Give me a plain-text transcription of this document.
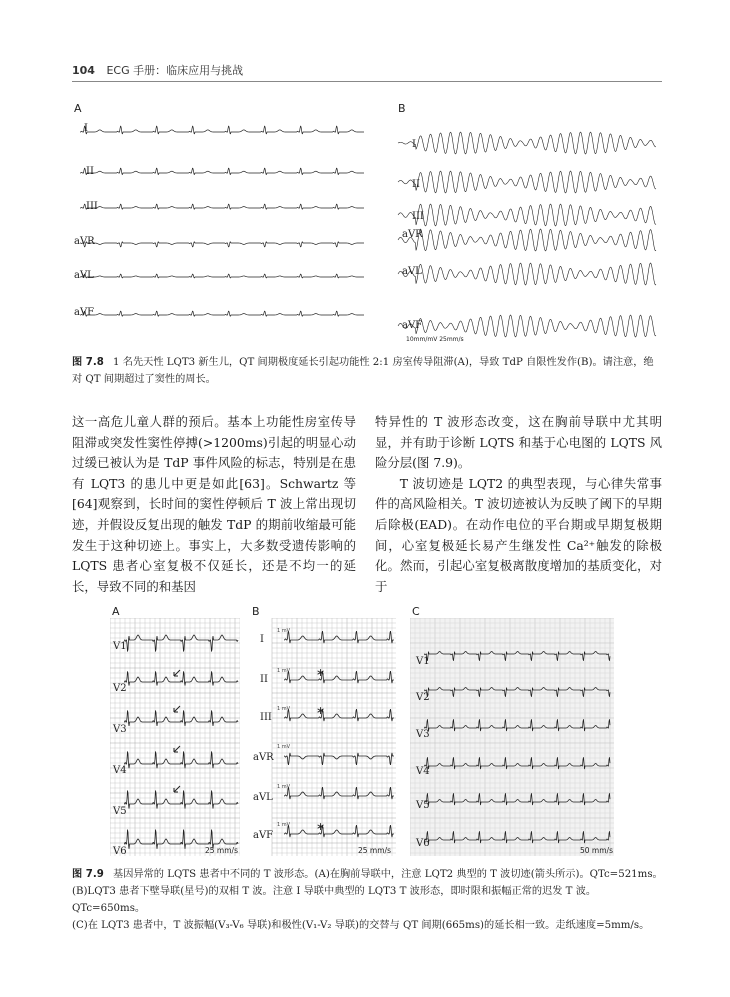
104 ECG 手册：临床应用与挑战
A
I
II
III
aVR
aVL
aVF
B
I
II
III
aVR
aVL
aVF
10mm/mV 25mm/s
图 7.8 1 名先天性 LQT3 新生儿，QT 间期极度延长引起功能性 2:1 房室传导阻滞(A)，导致 TdP 自限性发作(B)。请注意，绝对 QT 间期超过了窦性的周长。

这一高危儿童人群的预后。基本上功能性房室传导阻滞或突发性窦性停搏(>1200ms)引起的明显心动过缓已被认为是 TdP 事件风险的标志，特别是在患有 LQT3 的患儿中更是如此[63]。Schwartz 等[64]观察到，长时间的窦性停顿后 T 波上常出现切迹，并假设反复出现的触发 TdP 的期前收缩最可能发生于这种切迹上。事实上，大多数受遗传影响的 LQTS 患者心室复极不仅延长，还是不均一的延长，导致不同的和基因

特异性的 T 波形态改变，这在胸前导联中尤其明显，并有助于诊断 LQTS 和基于心电图的 LQTS 风险分层(图 7.9)。

T 波切迹是 LQT2 的典型表现，与心律失常事件的高风险相关。T 波切迹被认为反映了阈下的早期后除极(EAD)。在动作电位的平台期或早期复极期间，心室复极延长易产生继发性 Ca²⁺触发的除极化。然而，引起心室复极离散度增加的基质变化，对于

A	B	C
∗
∗
∗
V1
V2
V3
V4
V5
V6	25 mm/s
I
II
III
aVR
aVL
aVF
25 mm/s
1 mV
1 mV
1 mV
1 mV
1 mV
1 mV
V1
V2
V3
V4
V5
V6
50 mm/s
图 7.9 基因异常的 LQTS 患者中不同的 T 波形态。(A)在胸前导联中，注意 LQT2 典型的 T 波切迹(箭头所示)。QTc=521ms。
(B)LQT3 患者下壁导联(星号)的双相 T 波。注意 I 导联中典型的 LQT3 T 波形态，即时限和振幅正常的迟发 T 波。QTc=650ms。
(C)在 LQT3 患者中，T 波振幅(V₃-V₆ 导联)和极性(V₁-V₂ 导联)的交替与 QT 间期(665ms)的延长相一致。走纸速度=5mm/s。
